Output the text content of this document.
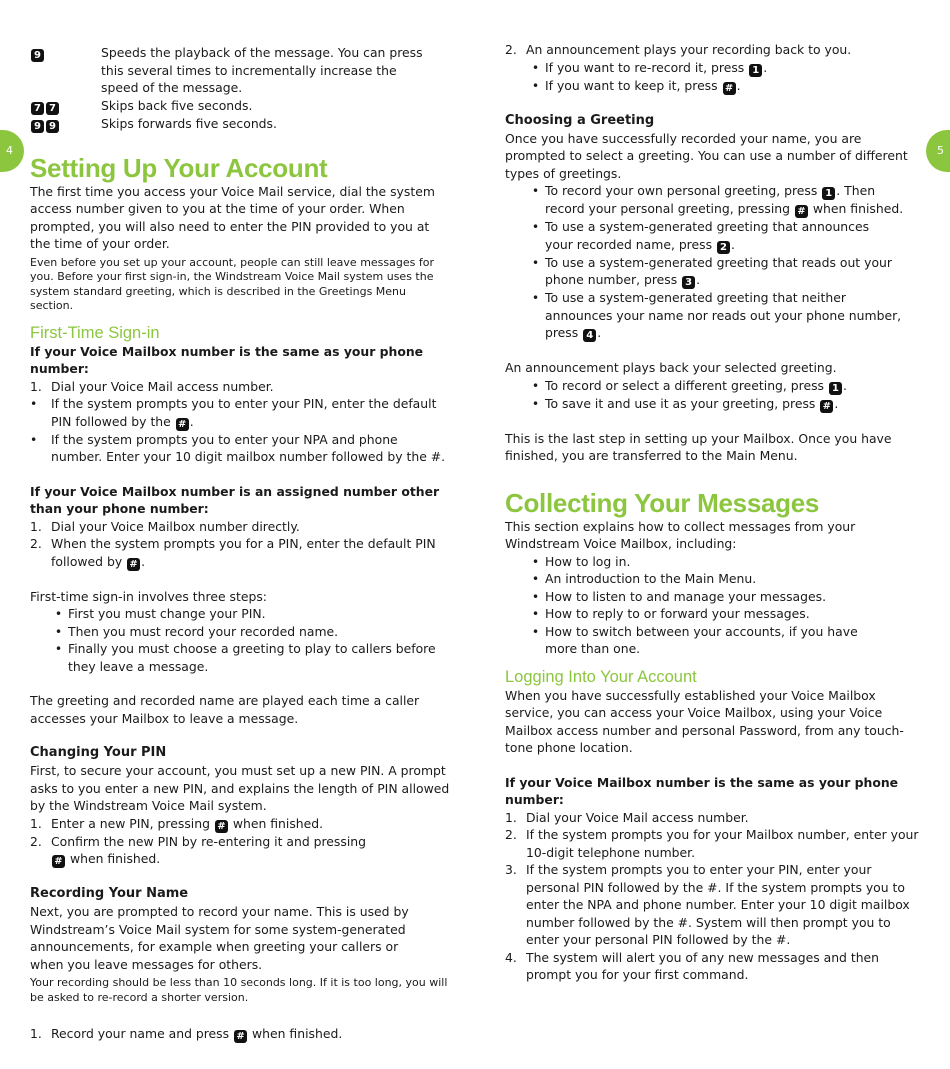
4	5
9	Speeds the playback of the message. You can press this several times to incrementally increase the speed of the message.
7 7	Skips back five seconds.
9 9	Skips forwards five seconds.
Setting Up Your Account

The first time you access your Voice Mail service, dial the system access number given to you at the time of your order. When prompted, you will also need to enter the PIN provided to you at the time of your order.

Even before you set up your account, people can still leave messages for you. Before your first sign-in, the Windstream Voice Mail system uses the system standard greeting, which is described in the Greetings Menu section.

First-Time Sign-in

If your Voice Mailbox number is the same as your phone number:

1. Dial your Voice Mail access number.
•	If the system prompts you to enter your PIN, enter the default PIN followed by the # .
•	If the system prompts you to enter your NPA and phone number. Enter your 10 digit mailbox number followed by the #.

If your Voice Mailbox number is an assigned number other than your phone number:

1. Dial your Voice Mailbox number directly.
2. When the system prompts you for a PIN, enter the default PIN followed by # .

First-time sign-in involves three steps:

• First you must change your PIN.
• Then you must record your recorded name.
• Finally you must choose a greeting to play to callers before they leave a message.

The greeting and recorded name are played each time a caller accesses your Mailbox to leave a message.

Changing Your PIN

First, to secure your account, you must set up a new PIN. A prompt asks to you enter a new PIN, and explains the length of PIN allowed by the Windstream Voice Mail system.

1. Enter a new PIN, pressing # when finished.
2. Confirm the new PIN by re-entering it and pressing # when finished.
Recording Your Name

Next, you are prompted to record your name. This is used by Windstream’s Voice Mail system for some system-generated announcements, for example when greeting your callers or when you leave messages for others.

Your recording should be less than 10 seconds long. If it is too long, you will be asked to re-record a shorter version.

1. Record your name and press # when finished.
2. An announcement plays your recording back to you.
• If you want to re-record it, press 1 .
• If you want to keep it, press # .
Choosing a Greeting

Once you have successfully recorded your name, you are prompted to select a greeting. You can use a number of different types of greetings.

• To record your own personal greeting, press 1 . Then record your personal greeting, pressing # when finished.
• To use a system-generated greeting that announces your recorded name, press 2 .
• To use a system-generated greeting that reads out your phone number, press 3 .
• To use a system-generated greeting that neither announces your name nor reads out your phone number, press 4 .

An announcement plays back your selected greeting.

• To record or select a different greeting, press 1 .
• To save it and use it as your greeting, press # .

This is the last step in setting up your Mailbox. Once you have finished, you are transferred to the Main Menu.

Collecting Your Messages

This section explains how to collect messages from your Windstream Voice Mailbox, including:

• How to log in.
• An introduction to the Main Menu.
• How to listen to and manage your messages.
• How to reply to or forward your messages.
• How to switch between your accounts, if you have more than one.
Logging Into Your Account

When you have successfully established your Voice Mailbox service, you can access your Voice Mailbox, using your Voice Mailbox access number and personal Password, from any touch-tone phone location.

If your Voice Mailbox number is the same as your phone number:

1. Dial your Voice Mail access number.
2. If the system prompts you for your Mailbox number, enter your 10-digit telephone number.
3. If the system prompts you to enter your PIN, enter your personal PIN followed by the #. If the system prompts you to enter the NPA and phone number. Enter your 10 digit mailbox number followed by the #. System will then prompt you to enter your personal PIN followed by the #.
4. The system will alert you of any new messages and then prompt you for your first command.
